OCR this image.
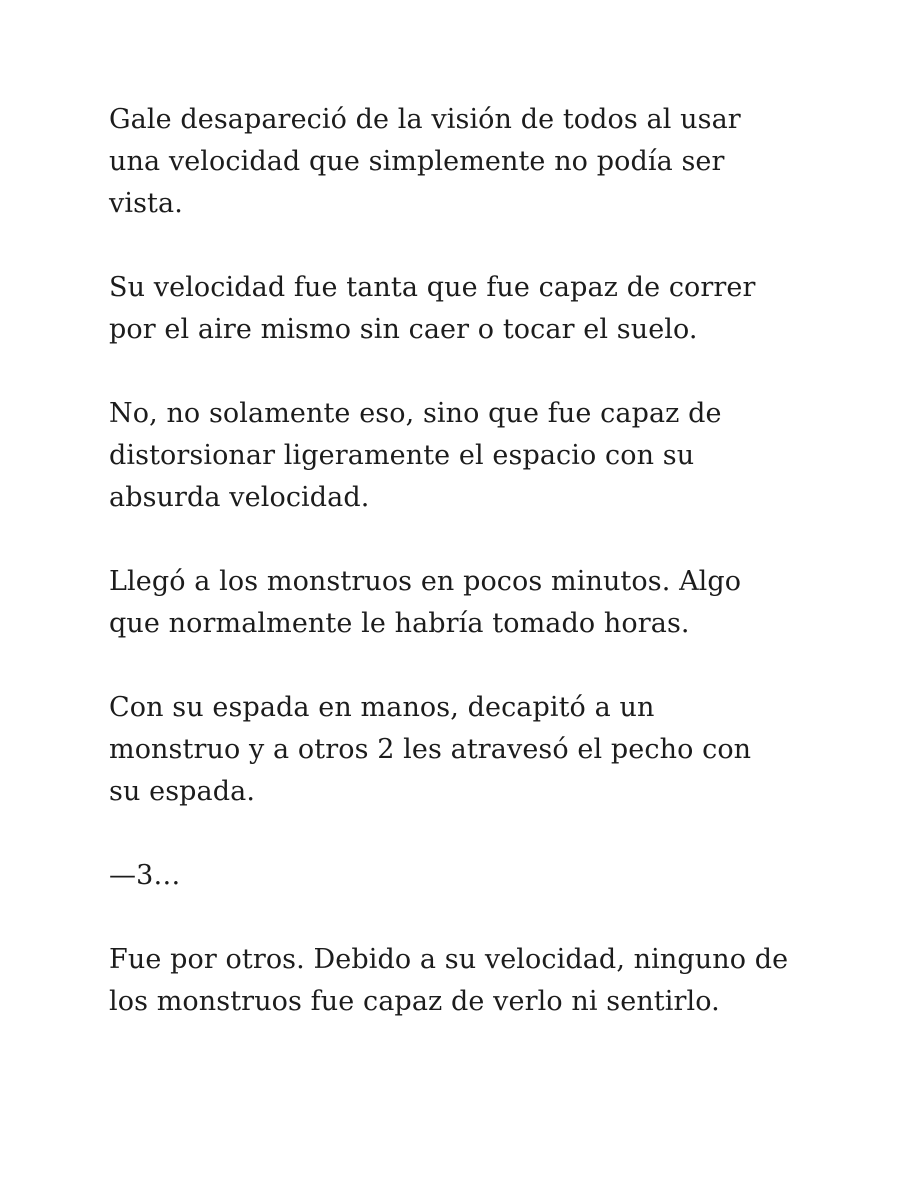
Gale desapareció de la visión de todos al usar una velocidad que simplemente no podía ser vista.

Su velocidad fue tanta que fue capaz de correr por el aire mismo sin caer o tocar el suelo.

No, no solamente eso, sino que fue capaz de distorsionar ligeramente el espacio con su absurda velocidad.

Llegó a los monstruos en pocos minutos. Algo que normalmente le habría tomado horas.

Con su espada en manos, decapitó a un monstruo y a otros 2 les atravesó el pecho con su espada.

—3…

Fue por otros. Debido a su velocidad, ninguno de los monstruos fue capaz de verlo ni sentirlo.
